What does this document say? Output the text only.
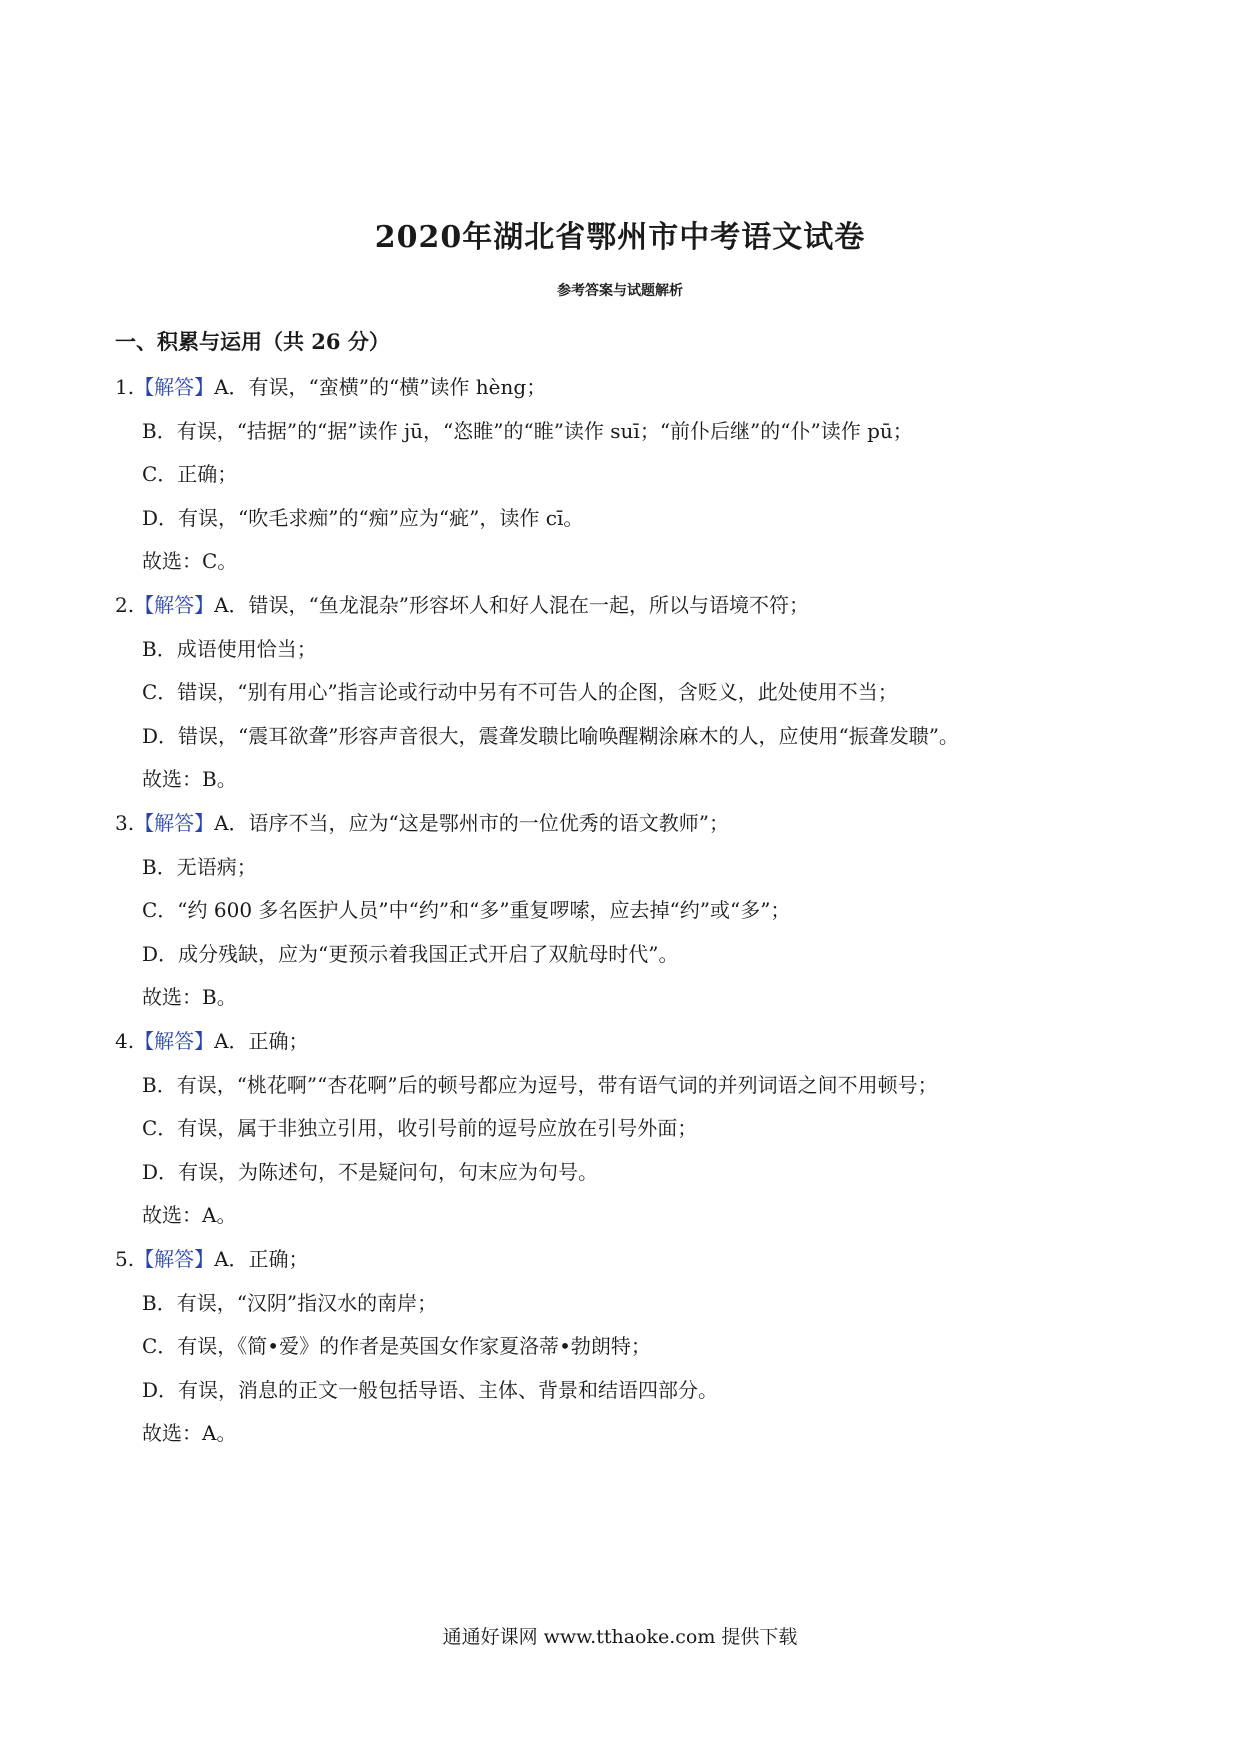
2020年湖北省鄂州市中考语文试卷
参考答案与试题解析
一、积累与运用（共 26 分）
1.【解答】A．有误，“蛮横”的“横”读作 hèng；
B．有误，“拮据”的“据”读作 jū，“恣睢”的“睢”读作 suī；“前仆后继”的“仆”读作 pū；
C．正确；
D．有误，“吹毛求痴”的“痴”应为“疵”，读作 cī。
故选：C。
2.【解答】A．错误，“鱼龙混杂”形容坏人和好人混在一起，所以与语境不符；
B．成语使用恰当；
C．错误，“别有用心”指言论或行动中另有不可告人的企图，含贬义，此处使用不当；
D．错误，“震耳欲聋”形容声音很大，震聋发聩比喻唤醒糊涂麻木的人，应使用“振聋发聩”。
故选：B。
3.【解答】A．语序不当，应为“这是鄂州市的一位优秀的语文教师”；
B．无语病；
C．“约 600 多名医护人员”中“约”和“多”重复啰嗦，应去掉“约”或“多”；
D．成分残缺，应为“更预示着我国正式开启了双航母时代”。
故选：B。
4.【解答】A．正确；
B．有误，“桃花啊”“杏花啊”后的顿号都应为逗号，带有语气词的并列词语之间不用顿号；
C．有误，属于非独立引用，收引号前的逗号应放在引号外面；
D．有误，为陈述句，不是疑问句，句末应为句号。
故选：A。
5.【解答】A．正确；
B．有误，“汉阴”指汉水的南岸；
C．有误，《简•爱》的作者是英国女作家夏洛蒂•勃朗特；
D．有误，消息的正文一般包括导语、主体、背景和结语四部分。
故选：A。
通通好课网 www.tthaoke.com 提供下载
